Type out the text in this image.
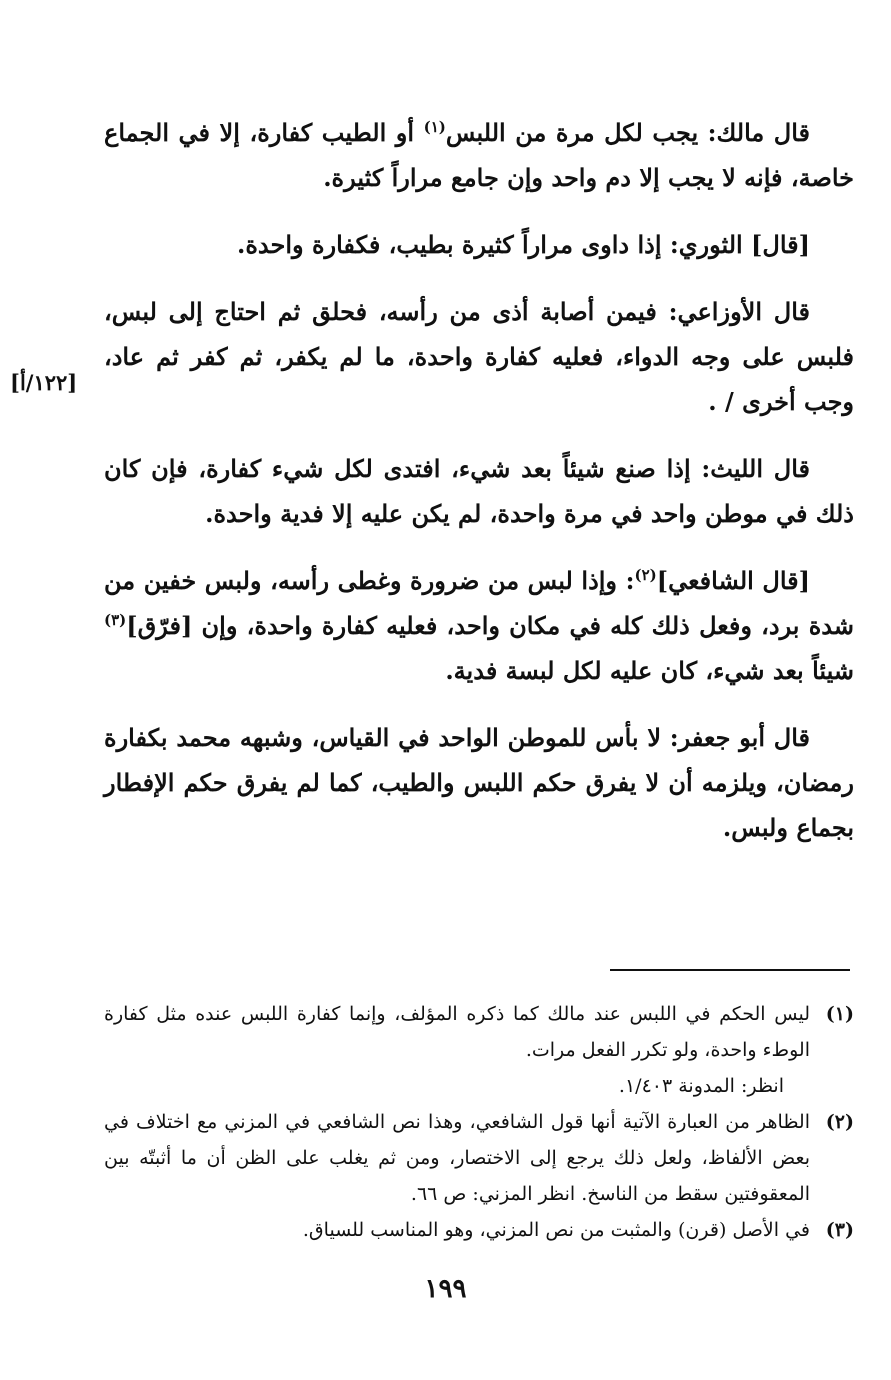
قال مالك: يجب لكل مرة من اللبس$^{(١)}$ أو الطيب كفارة، إلا في الجماع خاصة، فإنه لا يجب إلا دم واحد وإن جامع مراراً كثيرة.

[قال] الثوري: إذا داوى مراراً كثيرة بطيب، فكفارة واحدة.

قال الأوزاعي: فيمن أصابة أذى من رأسه، فحلق ثم احتاج إلى لبس، فلبس على وجه الدواء، فعليه كفارة واحدة، ما لم يكفر، ثم كفر ثم عاد، وجب أخرى / .

قال الليث: إذا صنع شيئاً بعد شيء، افتدى لكل شيء كفارة، فإن كان ذلك في موطن واحد في مرة واحدة، لم يكن عليه إلا فدية واحدة.

[قال الشافعي]$^{(٢)}$: وإذا لبس من ضرورة وغطى رأسه، ولبس خفين من شدة برد، وفعل ذلك كله في مكان واحد، فعليه كفارة واحدة، وإن [فرّق]$^{(٣)}$ شيئاً بعد شيء، كان عليه لكل لبسة فدية.

قال أبو جعفر: لا بأس للموطن الواحد في القياس، وشبهه محمد بكفارة رمضان، ويلزمه أن لا يفرق حكم اللبس والطيب، كما لم يفرق حكم الإفطار بجماع ولبس.

[١٢٢/أ]
(١)

ليس الحكم في اللبس عند مالك كما ذكره المؤلف، وإنما كفارة اللبس عنده مثل كفارة الوطء واحدة، ولو تكرر الفعل مرات.

انظر: المدونة ١/٤٠٣.

(٢)

الظاهر من العبارة الآتية أنها قول الشافعي، وهذا نص الشافعي في المزني مع اختلاف في بعض الألفاظ، ولعل ذلك يرجع إلى الاختصار، ومن ثم يغلب على الظن أن ما أثبتّه بين المعقوفتين سقط من الناسخ. انظر المزني: ص ٦٦.

(٣)

في الأصل (قرن) والمثبت من نص المزني، وهو المناسب للسياق.

١٩٩
